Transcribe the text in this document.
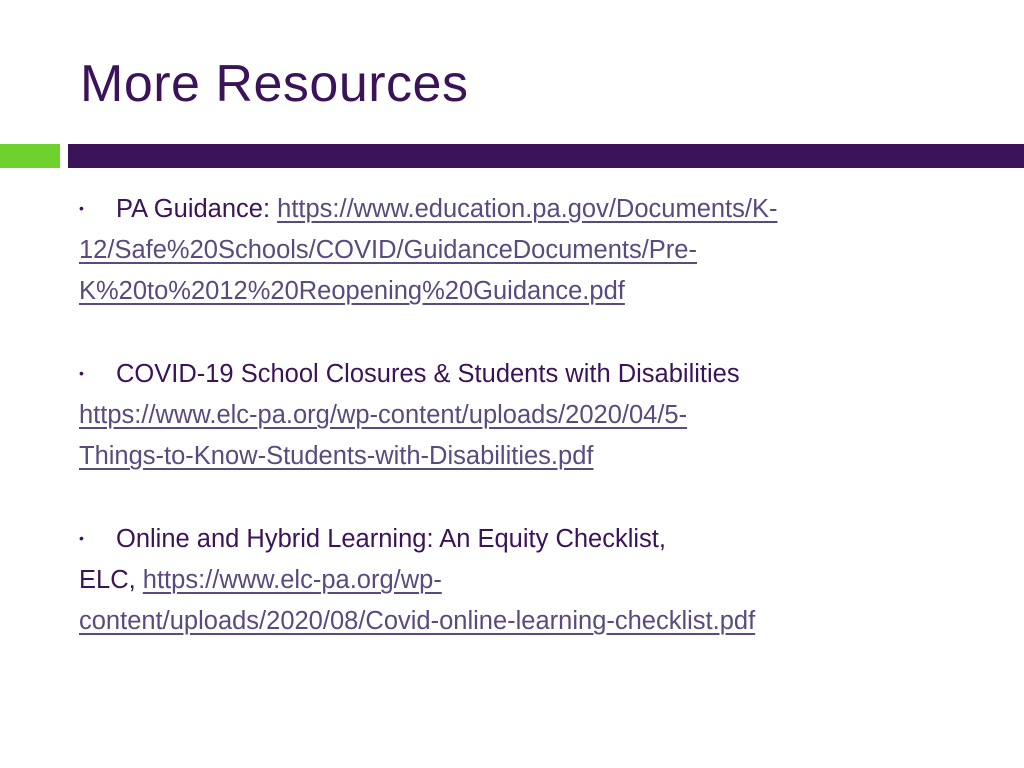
More Resources
• PA Guidance: https://www.education.pa.gov/Documents/K-
12/Safe%20Schools/COVID/GuidanceDocuments/Pre-
K%20to%2012%20Reopening%20Guidance.pdf
• COVID-19 School Closures & Students with Disabilities
https://www.elc-pa.org/wp-content/uploads/2020/04/5-
Things-to-Know-Students-with-Disabilities.pdf
• Online and Hybrid Learning: An Equity Checklist,
ELC, https://www.elc-pa.org/wp-
content/uploads/2020/08/Covid-online-learning-checklist.pdf
